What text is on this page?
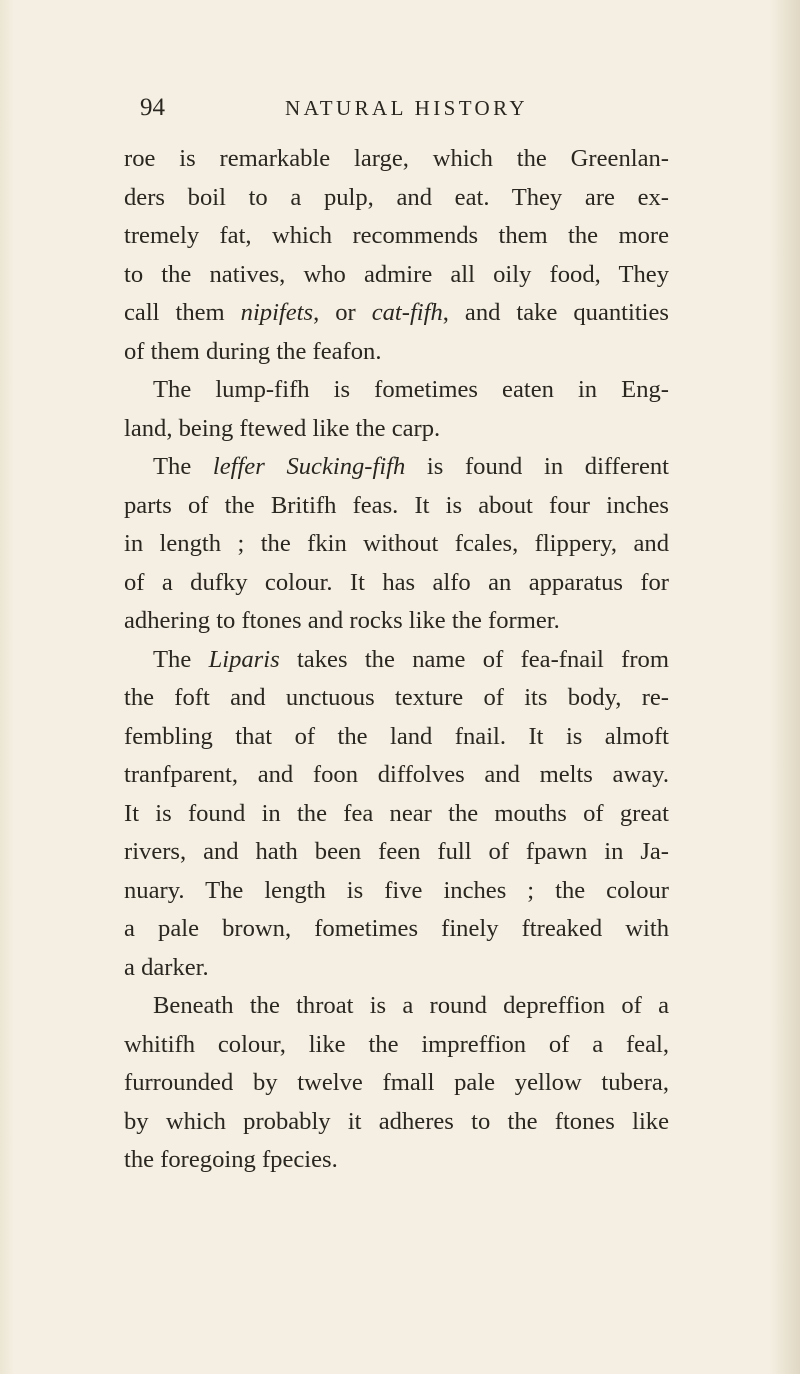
94	NATURAL HISTORY
roe is remarkable large, which the Greenlan-
ders boil to a pulp, and eat. They are ex-
tremely fat, which recommends them the more
to the natives, who admire all oily food, They
call them nipifets, or cat-fifh, and take quantities
of them during the feafon.
The lump-fifh is fometimes eaten in Eng-
land, being ftewed like the carp.
The leffer Sucking-fifh is found in different
parts of the Britifh feas. It is about four inches
in length ; the fkin without fcales, flippery, and
of a dufky colour. It has alfo an apparatus for
adhering to ftones and rocks like the former.
The Liparis takes the name of fea-fnail from
the foft and unctuous texture of its body, re-
fembling that of the land fnail. It is almoft
tranfparent, and foon diffolves and melts away.
It is found in the fea near the mouths of great
rivers, and hath been feen full of fpawn in Ja-
nuary. The length is five inches ; the colour
a pale brown, fometimes finely ftreaked with
a darker.
Beneath the throat is a round depreffion of a
whitifh colour, like the impreffion of a feal,
furrounded by twelve fmall pale yellow tubera,
by which probably it adheres to the ftones like
the foregoing fpecies.
